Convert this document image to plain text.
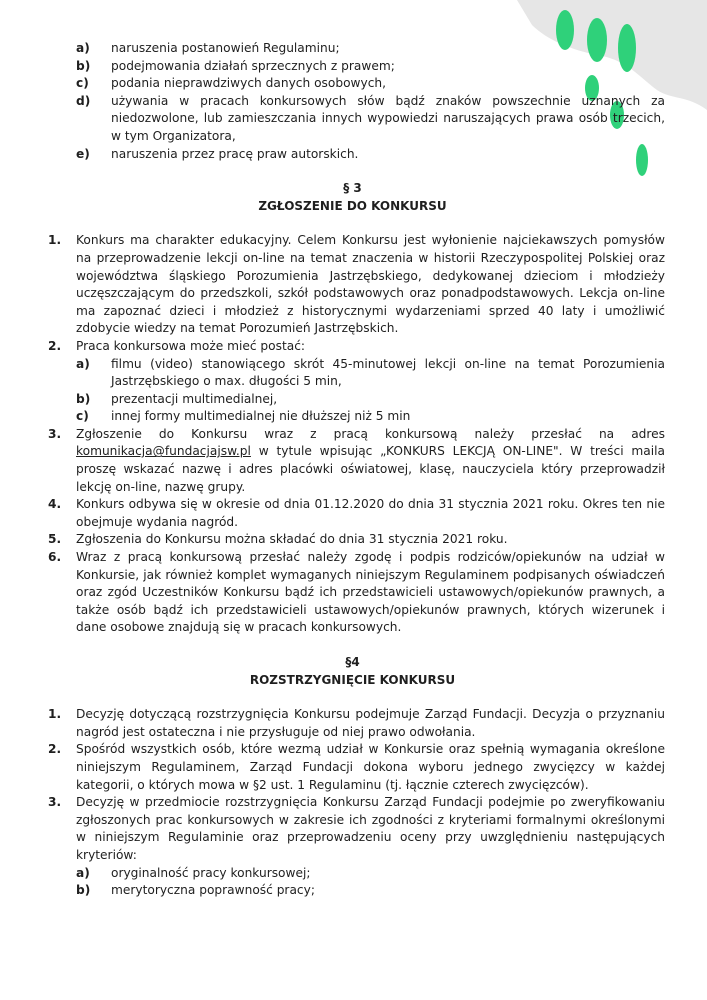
a) naruszenia postanowień Regulaminu;
b) podejmowania działań sprzecznych z prawem;
c) podania nieprawdziwych danych osobowych,
d) używania w pracach konkursowych słów bądź znaków powszechnie uznanych za niedozwolone, lub zamieszczania innych wypowiedzi naruszających prawa osób trzecich, w tym Organizatora,
e) naruszenia przez pracę praw autorskich.
§ 3
ZGŁOSZENIE DO KONKURSU
1. Konkurs ma charakter edukacyjny. Celem Konkursu jest wyłonienie najciekawszych pomysłów na przeprowadzenie lekcji on-line na temat znaczenia w historii Rzeczypospolitej Polskiej oraz województwa śląskiego Porozumienia Jastrzębskiego, dedykowanej dzieciom i młodzieży uczęszczającym do przedszkoli, szkół podstawowych oraz ponadpodstawowych. Lekcja on-line ma zapoznać dzieci i młodzież z historycznymi wydarzeniami sprzed 40 laty i umożliwić zdobycie wiedzy na temat Porozumień Jastrzębskich.
2. Praca konkursowa może mieć postać:
a) filmu (video) stanowiącego skrót 45-minutowej lekcji on-line na temat Porozumienia Jastrzębskiego o max. długości 5 min,
b) prezentacji multimedialnej,
c) innej formy multimedialnej nie dłuższej niż 5 min
3. Zgłoszenie do Konkursu wraz z pracą konkursową należy przesłać na adres komunikacja@fundacjajsw.pl w tytule wpisując „KONKURS LEKCJĄ ON-LINE". W treści maila proszę wskazać nazwę i adres placówki oświatowej, klasę, nauczyciela który przeprowadził lekcję on-line, nazwę grupy.
4. Konkurs odbywa się w okresie od dnia 01.12.2020 do dnia 31 stycznia 2021 roku. Okres ten nie obejmuje wydania nagród.
5. Zgłoszenia do Konkursu można składać do dnia 31 stycznia 2021 roku.
6. Wraz z pracą konkursową przesłać należy zgodę i podpis rodziców/opiekunów na udział w Konkursie, jak również komplet wymaganych niniejszym Regulaminem podpisanych oświadczeń oraz zgód Uczestników Konkursu bądź ich przedstawicieli ustawowych/opiekunów prawnych, a także osób bądź ich przedstawicieli ustawowych/opiekunów prawnych, których wizerunek i dane osobowe znajdują się w pracach konkursowych.
§4
ROZSTRZYGNIĘCIE KONKURSU
1. Decyzję dotyczącą rozstrzygnięcia Konkursu podejmuje Zarząd Fundacji. Decyzja o przyznaniu nagród jest ostateczna i nie przysługuje od niej prawo odwołania.
2. Spośród wszystkich osób, które wezmą udział w Konkursie oraz spełnią wymagania określone niniejszym Regulaminem, Zarząd Fundacji dokona wyboru jednego zwycięzcy w każdej kategorii, o których mowa w §2 ust. 1 Regulaminu (tj. łącznie czterech zwycięzców).
3. Decyzję w przedmiocie rozstrzygnięcia Konkursu Zarząd Fundacji podejmie po zweryfikowaniu zgłoszonych prac konkursowych w zakresie ich zgodności z kryteriami formalnymi określonymi w niniejszym Regulaminie oraz przeprowadzeniu oceny przy uwzględnieniu następujących kryteriów:
a) oryginalność pracy konkursowej;
b) merytoryczna poprawność pracy;
